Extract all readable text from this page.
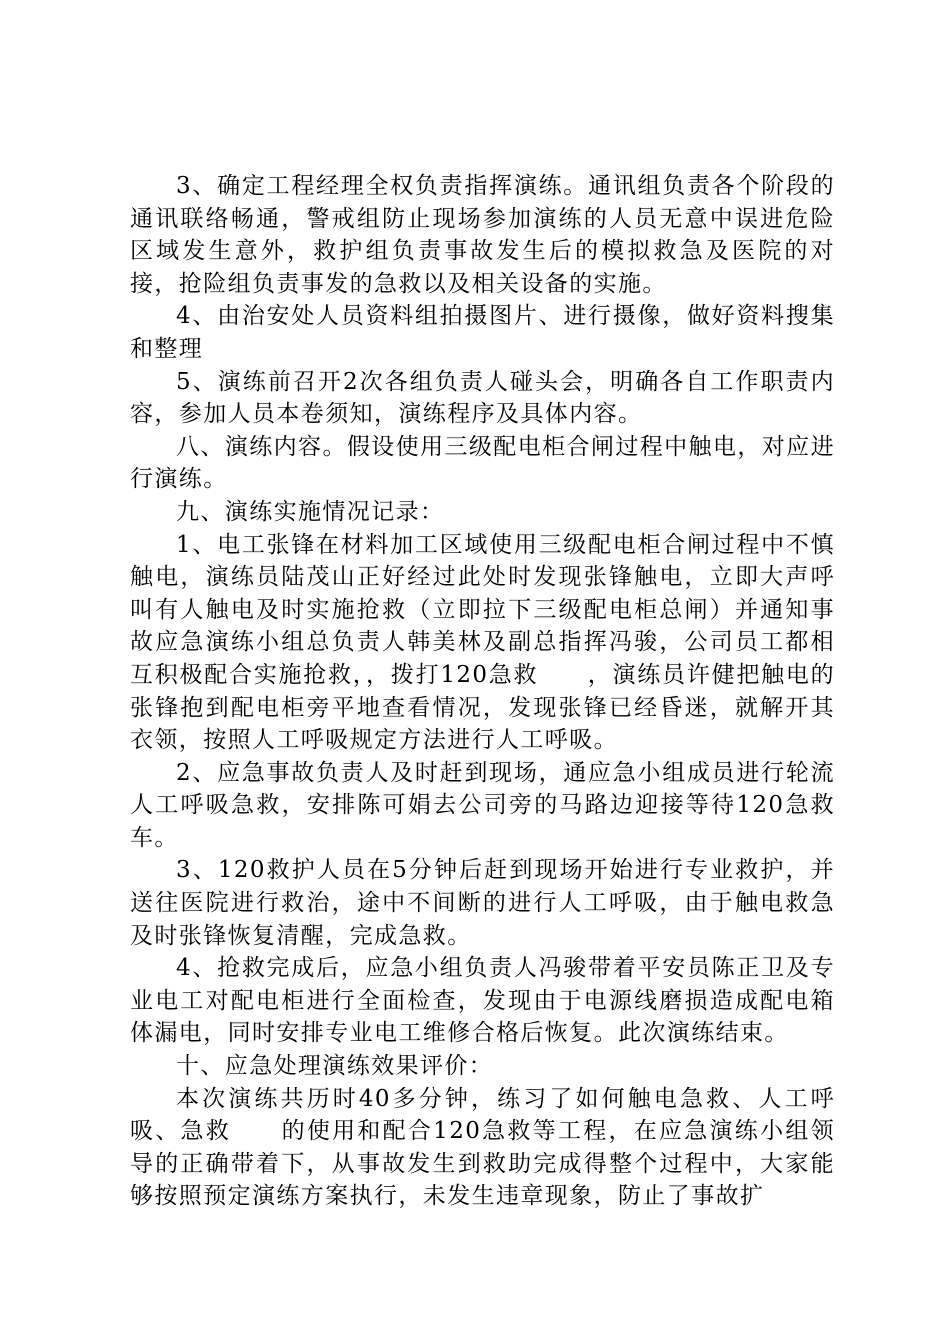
3、确定工程经理全权负责指挥演练。通讯组负责各个阶段的通讯联络畅通，警戒组防止现场参加演练的人员无意中误进危险区域发生意外，救护组负责事故发生后的模拟救急及医院的对接，抢险组负责事发的急救以及相关设备的实施。

4、由治安处人员资料组拍摄图片、进行摄像，做好资料搜集和整理

5、演练前召开2次各组负责人碰头会，明确各自工作职责内容，参加人员本卷须知，演练程序及具体内容。

八、演练内容。假设使用三级配电柜合闸过程中触电，对应进行演练。

九、演练实施情况记录：

1、电工张锋在材料加工区域使用三级配电柜合闸过程中不慎触电，演练员陆茂山正好经过此处时发现张锋触电，立即大声呼叫有人触电及时实施抢救（立即拉下三级配电柜总闸）并通知事故应急演练小组总负责人韩美林及副总指挥冯骏，公司员工都相互积极配合实施抢救，，拨打120急救　　，演练员许健把触电的张锋抱到配电柜旁平地查看情况，发现张锋已经昏迷，就解开其衣领，按照人工呼吸规定方法进行人工呼吸。

2、应急事故负责人及时赶到现场，通应急小组成员进行轮流人工呼吸急救，安排陈可娟去公司旁的马路边迎接等待120急救车。

3、120救护人员在5分钟后赶到现场开始进行专业救护，并送往医院进行救治，途中不间断的进行人工呼吸，由于触电救急及时张锋恢复清醒，完成急救。

4、抢救完成后，应急小组负责人冯骏带着平安员陈正卫及专业电工对配电柜进行全面检查，发现由于电源线磨损造成配电箱体漏电，同时安排专业电工维修合格后恢复。此次演练结束。

十、应急处理演练效果评价：

本次演练共历时40多分钟，练习了如何触电急救、人工呼吸、急救　　的使用和配合120急救等工程，在应急演练小组领导的正确带着下，从事故发生到救助完成得整个过程中，大家能够按照预定演练方案执行，未发生违章现象，防止了事故扩
